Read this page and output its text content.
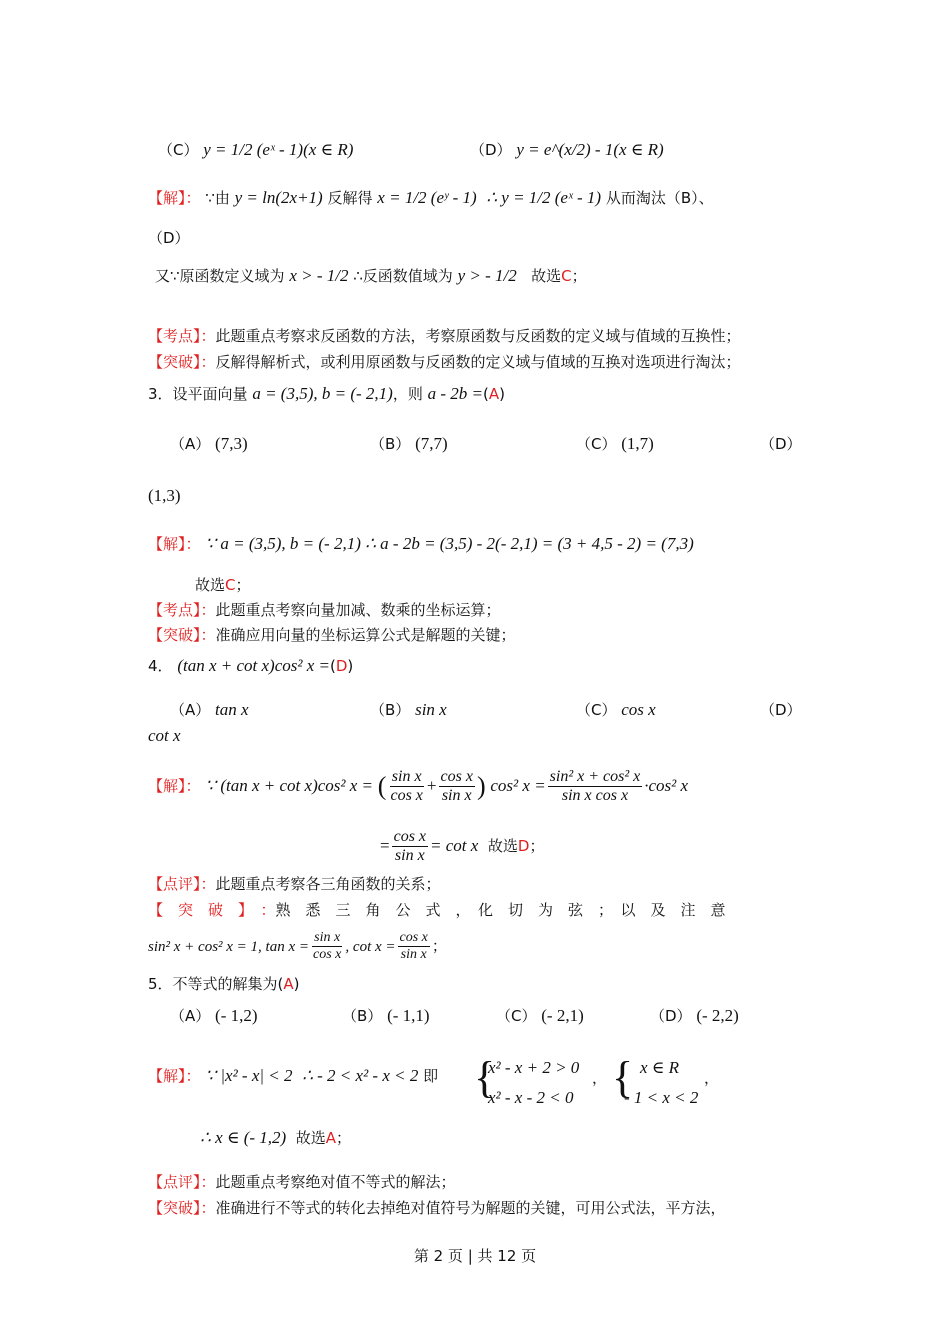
（C） y = 1/2 (eˣ - 1)(x ∈ R)	（D） y = e^(x/2) - 1(x ∈ R)
【解】： ∵由 y = ln(2x+1) 反解得 x = 1/2 (eʸ - 1) ∴ y = 1/2 (eˣ - 1) 从而淘汰（B）、
（D）
又∵原函数定义域为 x > - 1/2 ∴反函数值域为 y > - 1/2 故选C；
【考点】：此题重点考察求反函数的方法，考察原函数与反函数的定义域与值域的互换性；
【突破】：反解得解析式，或利用原函数与反函数的定义域与值域的互换对选项进行淘汰；
3．设平面向量 a = (3,5), b = (- 2,1)，则 a - 2b =(A)
（A） (7,3)	（B） (7,7)	（C） (1,7)	（D）
(1,3)
【解】： ∵ a = (3,5), b = (- 2,1) ∴ a - 2b = (3,5) - 2(- 2,1) = (3 + 4,5 - 2) = (7,3)
故选C；
【考点】：此题重点考察向量加减、数乘的坐标运算；
【突破】：准确应用向量的坐标运算公式是解题的关键；
4． (tan x + cot x)cos² x =(D)
（A） tan x	（B） sin x	（C） cos x	（D）
cot x
【解】： ∵ (tan x + cot x)cos² x = ( $\frac{\text{sin x}}{\text{cos x}} + \frac{\text{cos x}}{\text{sin x}}$ ) cos² $x = \frac{\text{sin² x + cos² x}}{\text{sin x cos x}} \cdot\cos^2$ x
= $\frac{\text{cos x}}{\text{sin x}} = \cot x$ 故选D；
【点评】：此题重点考察各三角函数的关系；
【　突　破　】　：熟　悉　三　角　公　式　，　化　切　为　弦　；　以　及　注　意
sin² x + cos² x = 1, $\tan x = \frac{\text{sin x}}{\text{cos x}}$ , $\cot x = \frac{\text{cos x}}{\text{sin x}}$ ；
5．不等式的解集为(A)
（A） (- 1,2)	（B） (- 1,1)	（C） (- 2,1)	（D） (- 2,2)
【解】： ∵ |x² - x| < 2 ∴ - 2 < x² - x < 2 即 {
x² - x + 2 > 0
x² - x - 2 < 0
， { x ∈ R
- 1 < x < 2
，
∴ x ∈ (- 1,2) 故选A；
【点评】：此题重点考察绝对值不等式的解法；
【突破】：准确进行不等式的转化去掉绝对值符号为解题的关键，可用公式法，平方法，
第 2 页 | 共 12 页
